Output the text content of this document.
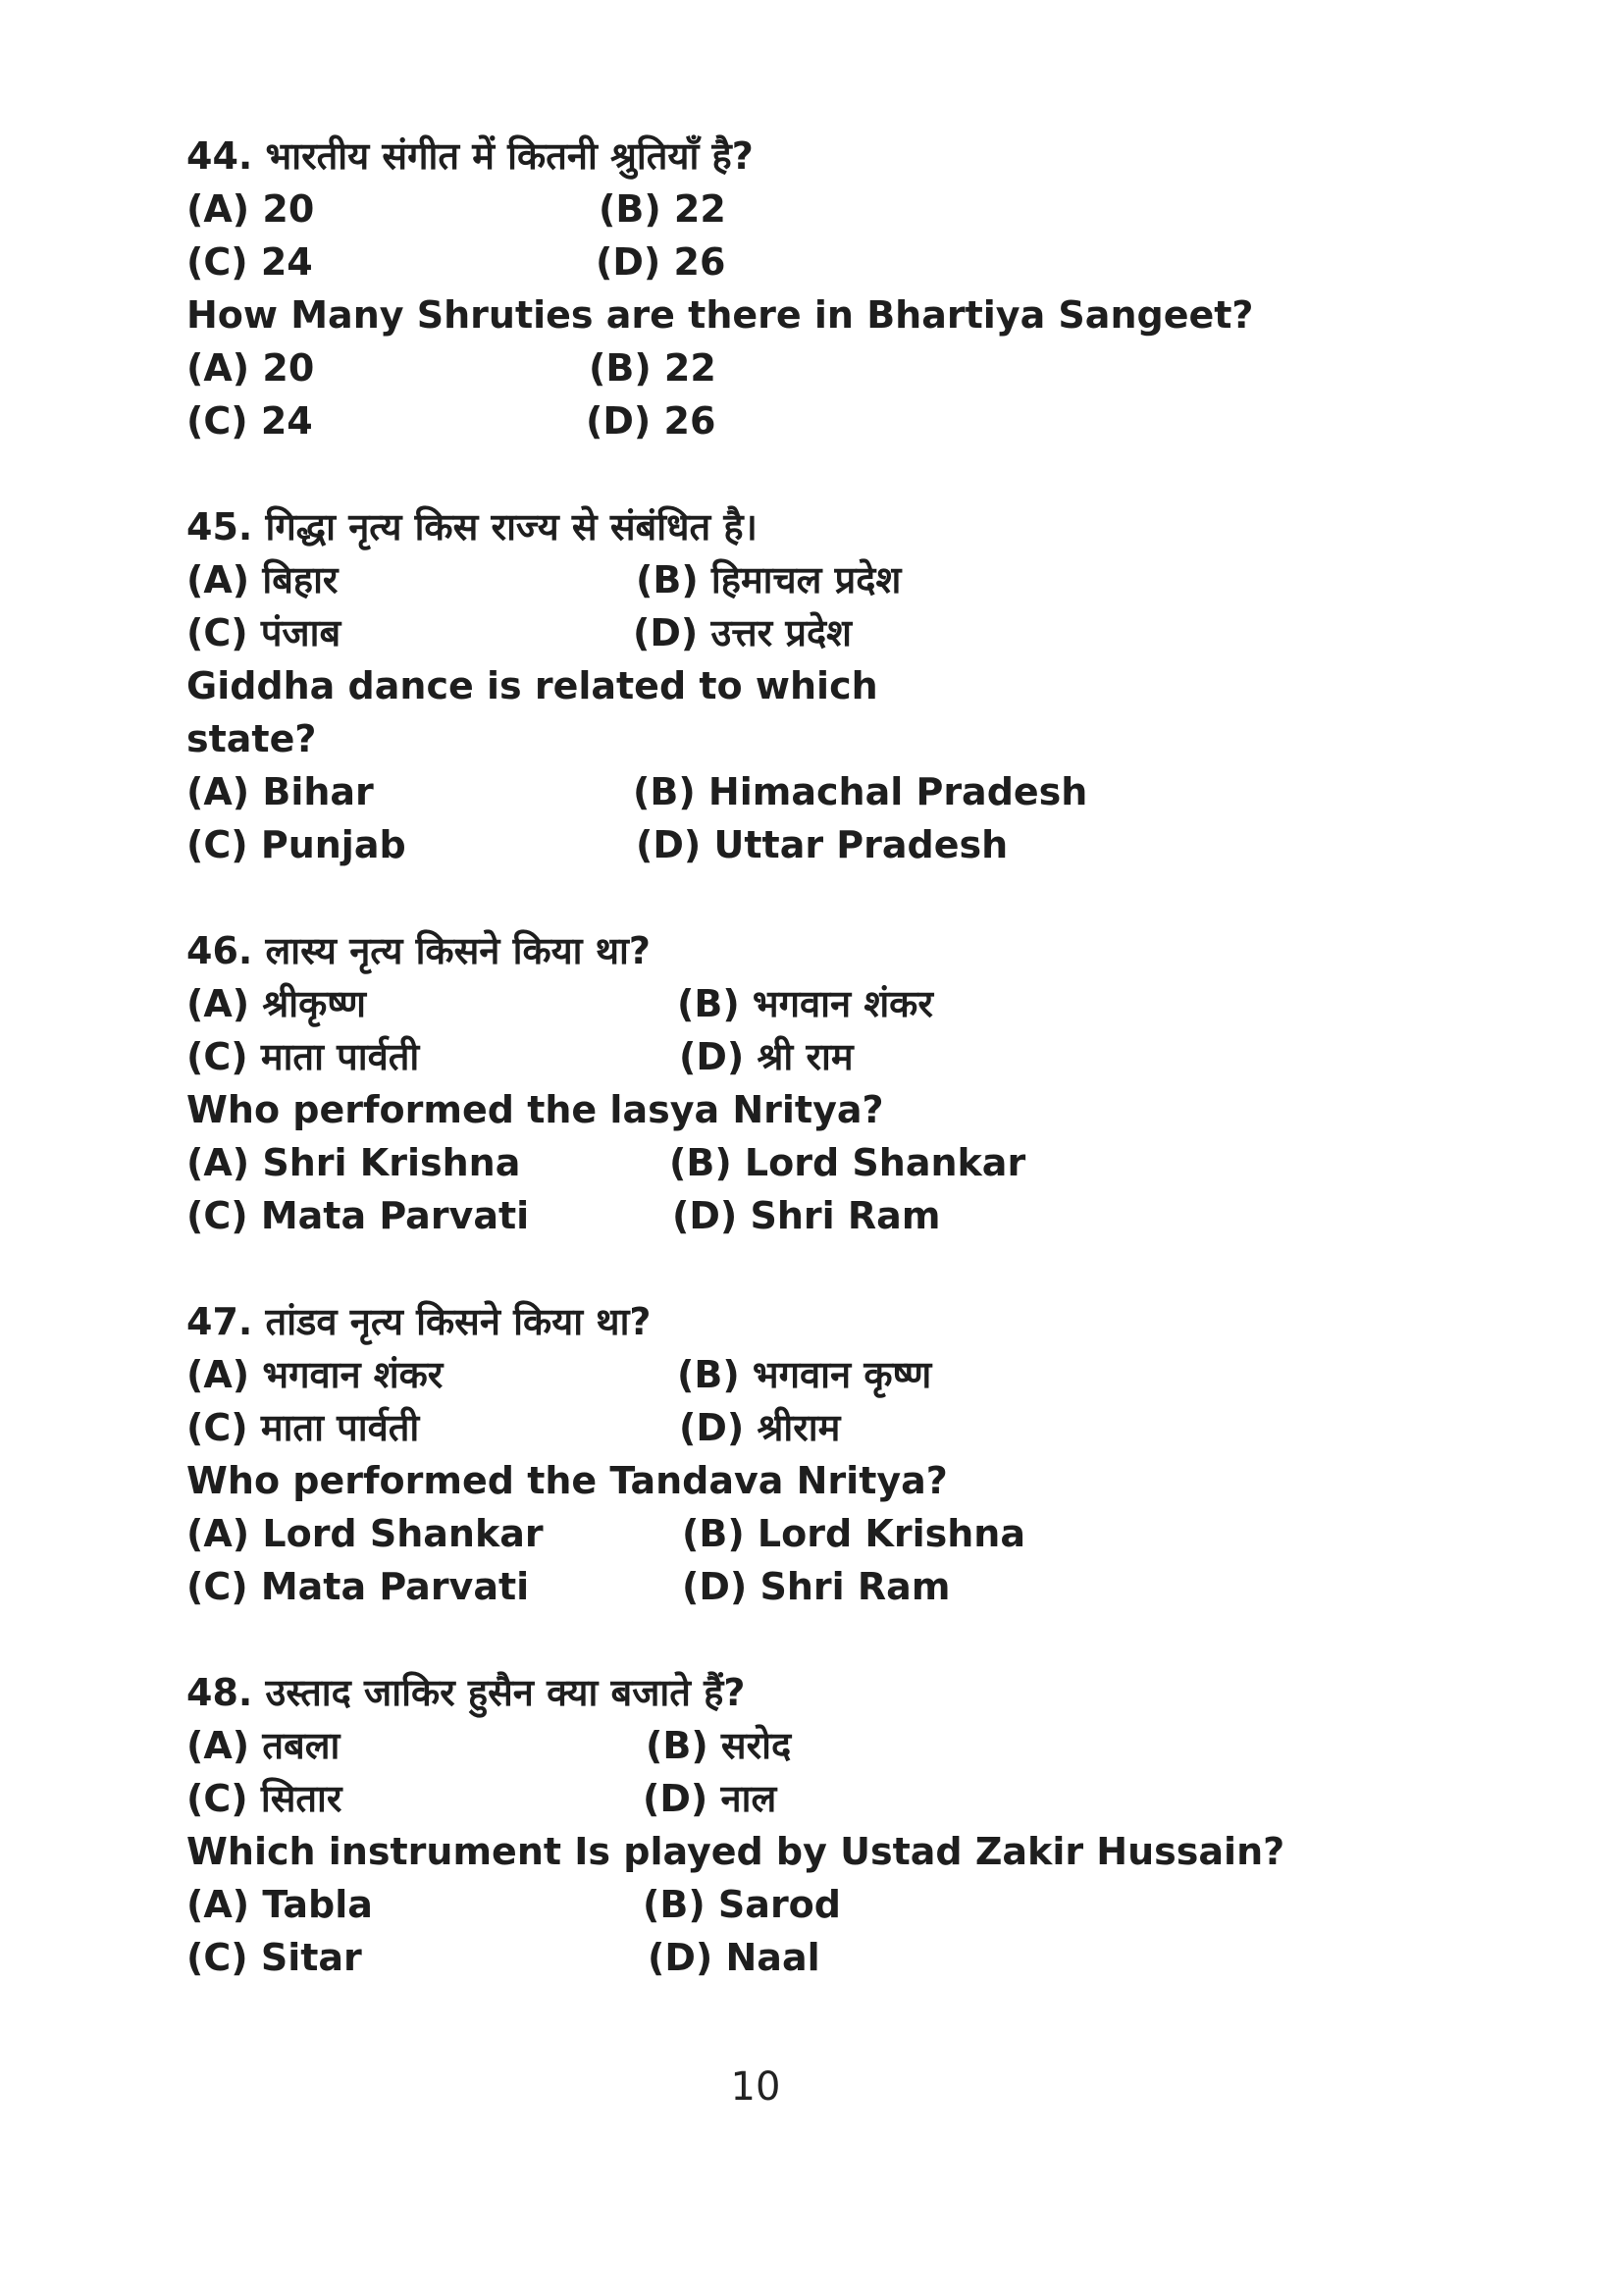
44. भारतीय संगीत में कितनी श्रुतियाँ है?
(A) 20	(B) 22
(C) 24	(D) 26
How Many Shruties are there in Bhartiya Sangeet?
(A) 20	(B) 22
(C) 24	(D) 26
45. गिद्धा नृत्य किस राज्य से संबंधित है।
(A) बिहार	(B) हिमाचल प्रदेश
(C) पंजाब	(D) उत्तर प्रदेश
Giddha dance is related to which
state?
(A) Bihar	(B) Himachal Pradesh
(C) Punjab	(D) Uttar Pradesh
46. लास्य नृत्य किसने किया था?
(A) श्रीकृष्ण	(B) भगवान शंकर
(C) माता पार्वती	(D) श्री राम
Who performed the lasya Nritya?
(A) Shri Krishna	(B) Lord Shankar
(C) Mata Parvati	(D) Shri Ram
47. तांडव नृत्य किसने किया था?
(A) भगवान शंकर	(B) भगवान कृष्ण
(C) माता पार्वती	(D) श्रीराम
Who performed the Tandava Nritya?
(A) Lord Shankar	(B) Lord Krishna
(C) Mata Parvati	(D) Shri Ram
48. उस्ताद जाकिर हुसैन क्या बजाते हैं?
(A) तबला	(B) सरोद
(C) सितार	(D) नाल
Which instrument Is played by Ustad Zakir Hussain?
(A) Tabla	(B) Sarod
(C) Sitar	(D) Naal
10
